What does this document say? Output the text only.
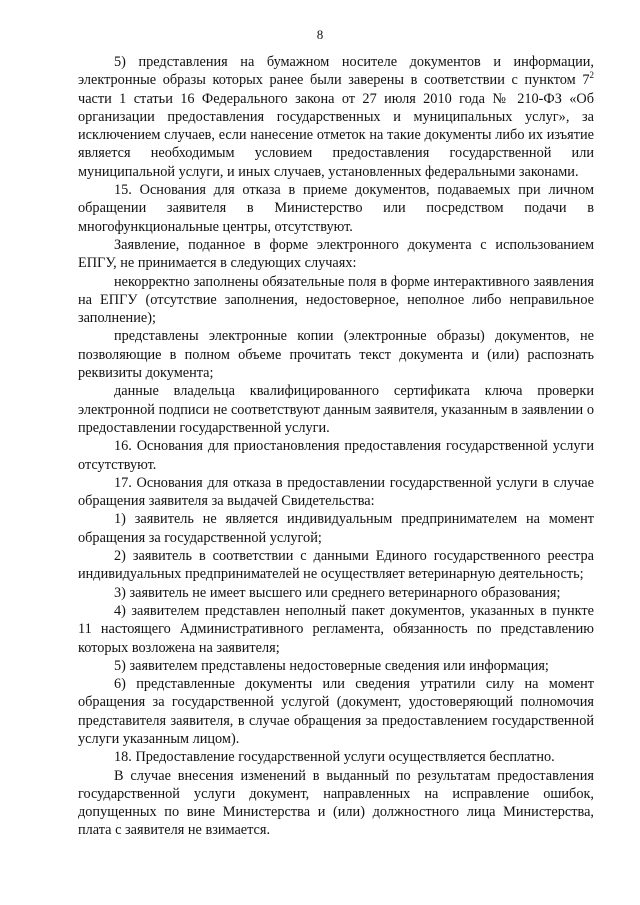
8

5) представления на бумажном носителе документов и информации, электронные образы которых ранее были заверены в соответствии с пунктом $7^2$ части 1 статьи 16 Федерального закона от 27 июля 2010 года № 210-ФЗ «Об организации предоставления государственных и муниципальных услуг», за исключением случаев, если нанесение отметок на такие документы либо их изъятие является необходимым условием предоставления государственной или муниципальной услуги, и иных случаев, установленных федеральными законами.

15. Основания для отказа в приеме документов, подаваемых при личном обращении заявителя в Министерство или посредством подачи в многофункциональные центры, отсутствуют.

Заявление, поданное в форме электронного документа с использованием ЕПГУ, не принимается в следующих случаях:

некорректно заполнены обязательные поля в форме интерактивного заявления на ЕПГУ (отсутствие заполнения, недостоверное, неполное либо неправильное заполнение);

представлены электронные копии (электронные образы) документов, не позволяющие в полном объеме прочитать текст документа и (или) распознать реквизиты документа;

данные владельца квалифицированного сертификата ключа проверки электронной подписи не соответствуют данным заявителя, указанным в заявлении о предоставлении государственной услуги.

16. Основания для приостановления предоставления государственной услуги отсутствуют.

17. Основания для отказа в предоставлении государственной услуги в случае обращения заявителя за выдачей Свидетельства:

1) заявитель не является индивидуальным предпринимателем на момент обращения за государственной услугой;

2) заявитель в соответствии с данными Единого государственного реестра индивидуальных предпринимателей не осуществляет ветеринарную деятельность;

3) заявитель не имеет высшего или среднего ветеринарного образования;

4) заявителем представлен неполный пакет документов, указанных в пункте 11 настоящего Административного регламента, обязанность по представлению которых возложена на заявителя;

5) заявителем представлены недостоверные сведения или информация;

6) представленные документы или сведения утратили силу на момент обращения за государственной услугой (документ, удостоверяющий полномочия представителя заявителя, в случае обращения за предоставлением государственной услуги указанным лицом).

18. Предоставление государственной услуги осуществляется бесплатно.

В случае внесения изменений в выданный по результатам предоставления государственной услуги документ, направленных на исправление ошибок, допущенных по вине Министерства и (или) должностного лица Министерства, плата с заявителя не взимается.
